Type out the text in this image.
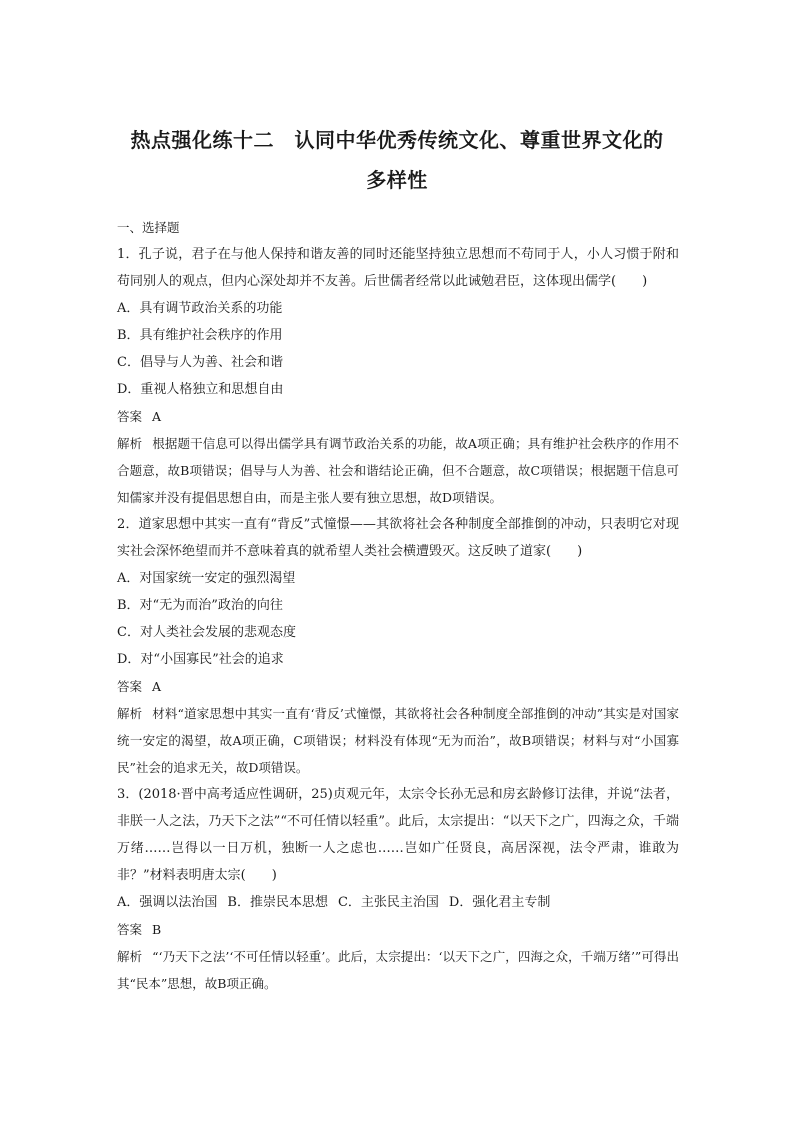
热点强化练十二　认同中华优秀传统文化、尊重世界文化的
多样性

一、选择题

1．孔子说，君子在与他人保持和谐友善的同时还能坚持独立思想而不苟同于人，小人习惯于附和苟同别人的观点，但内心深处却并不友善。后世儒者经常以此诫勉君臣，这体现出儒学(　　)

A．具有调节政治关系的功能

B．具有维护社会秩序的作用

C．倡导与人为善、社会和谐

D．重视人格独立和思想自由

答案 A

解析 根据题干信息可以得出儒学具有调节政治关系的功能，故A项正确；具有维护社会秩序的作用不合题意，故B项错误；倡导与人为善、社会和谐结论正确，但不合题意，故C项错误；根据题干信息可知儒家并没有提倡思想自由，而是主张人要有独立思想，故D项错误。

2．道家思想中其实一直有“背反”式憧憬——其欲将社会各种制度全部推倒的冲动，只表明它对现实社会深怀绝望而并不意味着真的就希望人类社会横遭毁灭。这反映了道家(　　)

A．对国家统一安定的强烈渴望

B．对“无为而治”政治的向往

C．对人类社会发展的悲观态度

D．对“小国寡民”社会的追求

答案 A

解析 材料“道家思想中其实一直有‘背反’式憧憬，其欲将社会各种制度全部推倒的冲动”其实是对国家统一安定的渴望，故A项正确，C项错误；材料没有体现“无为而治”，故B项错误；材料与对“小国寡民”社会的追求无关，故D项错误。

3．(2018·晋中高考适应性调研，25)贞观元年，太宗令长孙无忌和房玄龄修订法律，并说“法者，非朕一人之法，乃天下之法”“不可任情以轻重”。此后，太宗提出：“以天下之广，四海之众，千端万绪……岂得以一日万机，独断一人之虑也……岂如广任贤良，高居深视，法令严肃，谁敢为非？”材料表明唐太宗(　　)

A．强调以法治国 B．推崇民本思想 C．主张民主治国 D．强化君主专制

答案 B

解析 “‘乃天下之法’‘不可任情以轻重’。此后，太宗提出：‘以天下之广，四海之众，千端万绪’”可得出其“民本”思想，故B项正确。
